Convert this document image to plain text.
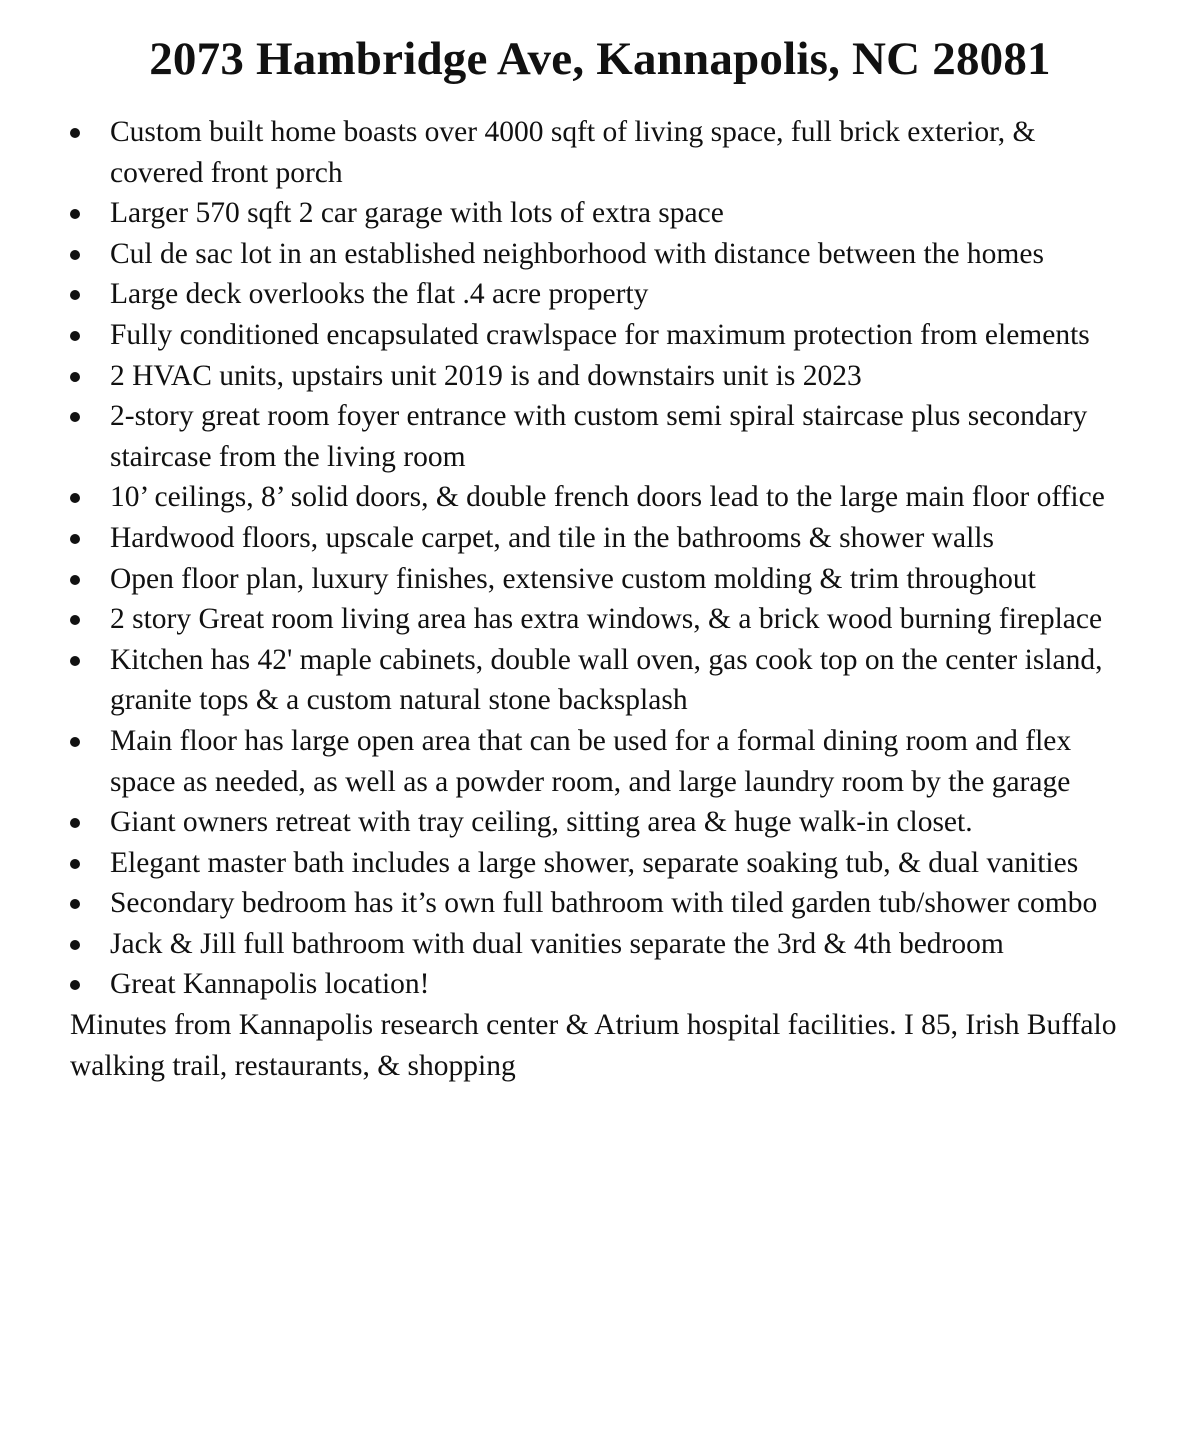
2073 Hambridge Ave, Kannapolis, NC 28081
Custom built home boasts over 4000 sqft of living space, full brick exterior, & covered front porch
Larger 570 sqft 2 car garage with lots of extra space
Cul de sac lot in an established neighborhood with distance between the homes
Large deck overlooks the flat .4 acre property
Fully conditioned encapsulated crawlspace for maximum protection from elements
2 HVAC units, upstairs unit 2019 is and downstairs unit is 2023
2-story great room foyer entrance with custom semi spiral staircase plus secondary staircase from the living room
10’ ceilings, 8’ solid doors, & double french doors lead to the large main floor office
Hardwood floors, upscale carpet, and tile in the bathrooms & shower walls
Open floor plan, luxury finishes, extensive custom molding & trim throughout
2 story Great room living area has extra windows, & a brick wood burning fireplace
Kitchen has 42' maple cabinets, double wall oven, gas cook top on the center island, granite tops & a custom natural stone backsplash
Main floor has large open area that can be used for a formal dining room and flex space as needed, as well as a powder room, and large laundry room by the garage
Giant owners retreat with tray ceiling, sitting area & huge walk-in closet.
Elegant master bath includes a large shower, separate soaking tub, & dual vanities
Secondary bedroom has it’s own full bathroom with tiled garden tub/shower combo
Jack & Jill full bathroom with dual vanities separate the 3rd & 4th bedroom
Great Kannapolis location!

Minutes from Kannapolis research center & Atrium hospital facilities. I 85, Irish Buffalo walking trail, restaurants, & shopping
